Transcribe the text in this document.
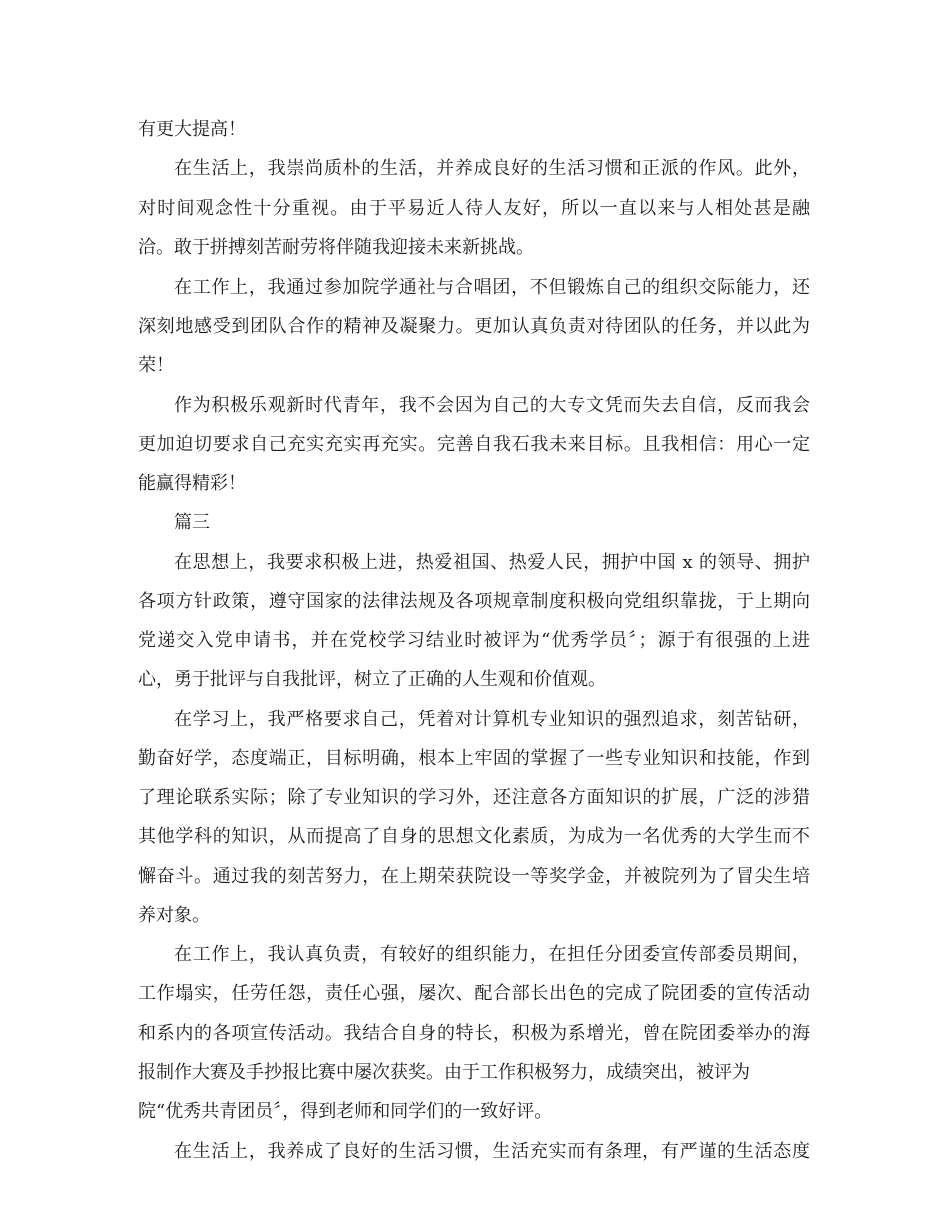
有更大提高！

在生活上，我崇尚质朴的生活，并养成良好的生活习惯和正派的作风。此外，

对时间观念性十分重视。由于平易近人待人友好，所以一直以来与人相处甚是融

洽。敢于拼搏刻苦耐劳将伴随我迎接未来新挑战。

在工作上，我通过参加院学通社与合唱团，不但锻炼自己的组织交际能力，还

深刻地感受到团队合作的精神及凝聚力。更加认真负责对待团队的任务，并以此为

荣！

作为积极乐观新时代青年，我不会因为自己的大专文凭而失去自信，反而我会

更加迫切要求自己充实充实再充实。完善自我石我未来目标。且我相信：用心一定

能赢得精彩！

篇三

在思想上，我要求积极上进，热爱祖国、热爱人民，拥护中国 x 的领导、拥护

各项方针政策，遵守国家的法律法规及各项规章制度积极向党组织靠拢，于上期向

党递交入党申请书，并在党校学习结业时被评为“优秀学员〞；源于有很强的上进

心，勇于批评与自我批评，树立了正确的人生观和价值观。

在学习上，我严格要求自己，凭着对计算机专业知识的强烈追求，刻苦钻研，

勤奋好学，态度端正，目标明确，根本上牢固的掌握了一些专业知识和技能，作到

了理论联系实际；除了专业知识的学习外，还注意各方面知识的扩展，广泛的涉猎

其他学科的知识，从而提高了自身的思想文化素质，为成为一名优秀的大学生而不

懈奋斗。通过我的刻苦努力，在上期荣获院设一等奖学金，并被院列为了冒尖生培

养对象。

在工作上，我认真负责，有较好的组织能力，在担任分团委宣传部委员期间，

工作塌实，任劳任怨，责任心强，屡次、配合部长出色的完成了院团委的宣传活动

和系内的各项宣传活动。我结合自身的特长，积极为系增光，曾在院团委举办的海

报制作大赛及手抄报比赛中屡次获奖。由于工作积极努力，成绩突出，被评为

院“优秀共青团员〞，得到老师和同学们的一致好评。

在生活上，我养成了良好的生活习惯，生活充实而有条理，有严谨的生活态度
